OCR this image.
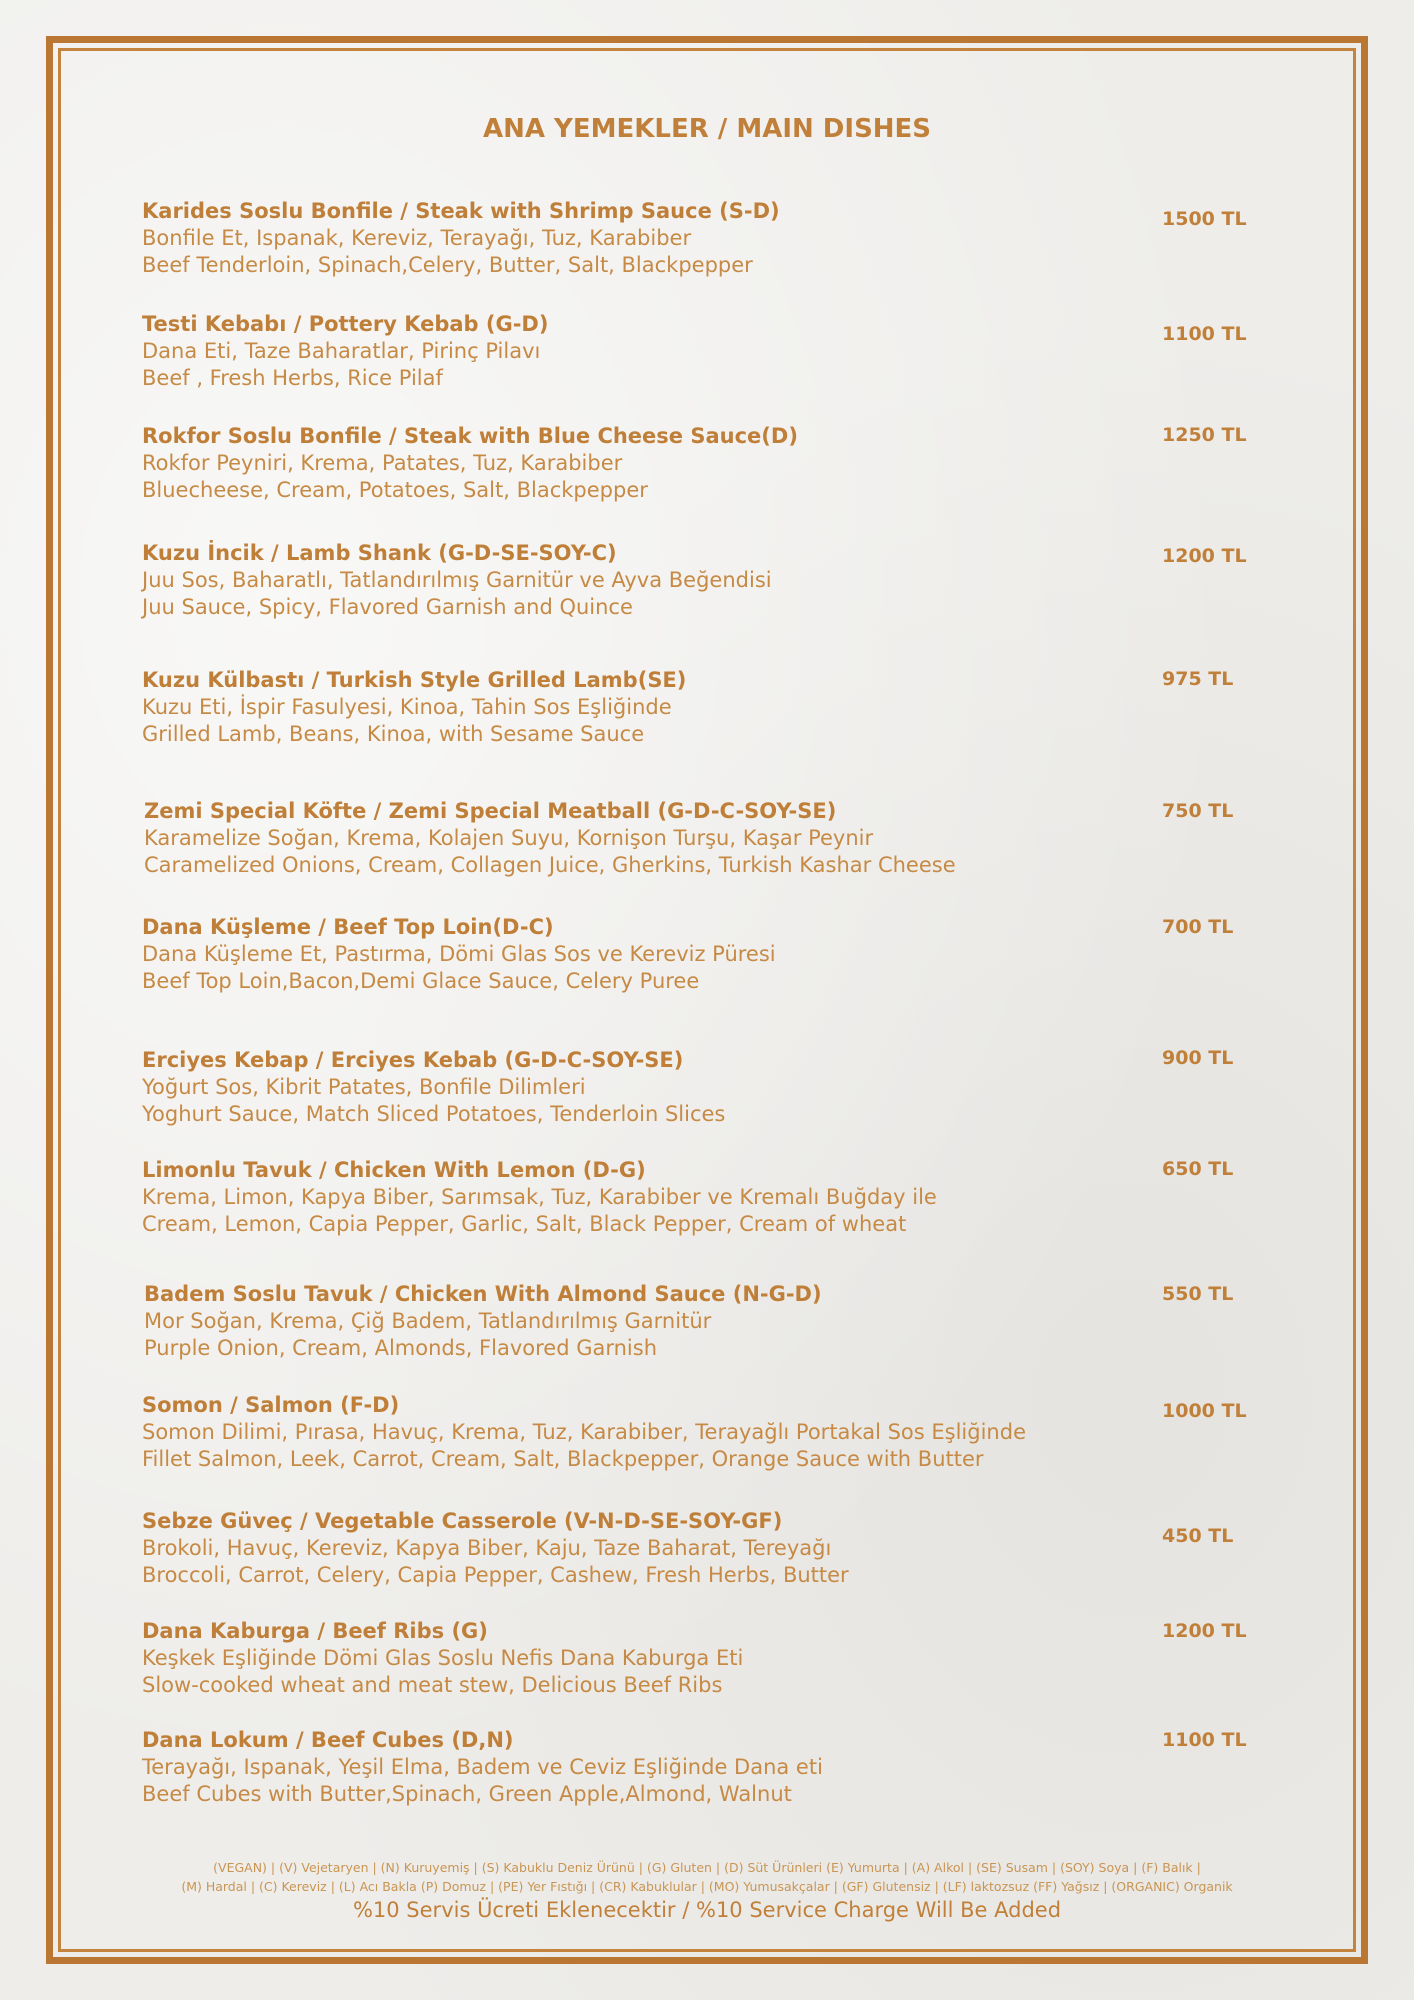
ANA YEMEKLER / MAIN DISHES
Karides Soslu Bonfile / Steak with Shrimp Sauce (S-D)
Bonfile Et, Ispanak, Kereviz, Terayağı, Tuz, Karabiber
Beef Tenderloin, Spinach,Celery, Butter, Salt, Blackpepper
1500 TL
Testi Kebabı / Pottery Kebab (G-D)
Dana Eti, Taze Baharatlar, Pirinç Pilavı
Beef , Fresh Herbs, Rice Pilaf
1100 TL
Rokfor Soslu Bonfile / Steak with Blue Cheese Sauce(D)
Rokfor Peyniri, Krema, Patates, Tuz, Karabiber
Bluecheese, Cream, Potatoes, Salt, Blackpepper
1250 TL
Kuzu İncik / Lamb Shank (G-D-SE-SOY-C)
Juu Sos, Baharatlı, Tatlandırılmış Garnitür ve Ayva Beğendisi
Juu Sauce, Spicy, Flavored Garnish and Quince
1200 TL
Kuzu Külbastı / Turkish Style Grilled Lamb(SE)
Kuzu Eti, İspir Fasulyesi, Kinoa, Tahin Sos Eşliğinde
Grilled Lamb, Beans, Kinoa, with Sesame Sauce
975 TL
Zemi Special Köfte / Zemi Special Meatball (G-D-C-SOY-SE)
Karamelize Soğan, Krema, Kolajen Suyu, Kornişon Turşu, Kaşar Peynir
Caramelized Onions, Cream, Collagen Juice, Gherkins, Turkish Kashar Cheese
750 TL
Dana Küşleme / Beef Top Loin(D-C)
Dana Küşleme Et, Pastırma, Dömi Glas Sos ve Kereviz Püresi
Beef Top Loin,Bacon,Demi Glace Sauce, Celery Puree
700 TL
Erciyes Kebap / Erciyes Kebab (G-D-C-SOY-SE)
Yoğurt Sos, Kibrit Patates, Bonfile Dilimleri
Yoghurt Sauce, Match Sliced Potatoes, Tenderloin Slices
900 TL
Limonlu Tavuk / Chicken With Lemon (D-G)
Krema, Limon, Kapya Biber, Sarımsak, Tuz, Karabiber ve Kremalı Buğday ile
Cream, Lemon, Capia Pepper, Garlic, Salt, Black Pepper, Cream of wheat
650 TL
Badem Soslu Tavuk / Chicken With Almond Sauce (N-G-D)
Mor Soğan, Krema, Çiğ Badem, Tatlandırılmış Garnitür
Purple Onion, Cream, Almonds, Flavored Garnish
550 TL
Somon / Salmon (F-D)
Somon Dilimi, Pırasa, Havuç, Krema, Tuz, Karabiber, Terayağlı Portakal Sos Eşliğinde
Fillet Salmon, Leek, Carrot, Cream, Salt, Blackpepper, Orange Sauce with Butter
1000 TL
Sebze Güveç / Vegetable Casserole (V-N-D-SE-SOY-GF)
Brokoli, Havuç, Kereviz, Kapya Biber, Kaju, Taze Baharat, Tereyağı
Broccoli, Carrot, Celery, Capia Pepper, Cashew, Fresh Herbs, Butter
450 TL
Dana Kaburga / Beef Ribs (G)
Keşkek Eşliğinde Dömi Glas Soslu Nefis Dana Kaburga Eti
Slow-cooked wheat and meat stew, Delicious Beef Ribs
1200 TL
Dana Lokum / Beef Cubes (D,N)
Terayağı, Ispanak, Yeşil Elma, Badem ve Ceviz Eşliğinde Dana eti
Beef Cubes with Butter,Spinach, Green Apple,Almond, Walnut
1100 TL
(VEGAN) | (V) Vejetaryen | (N) Kuruyemiş | (S) Kabuklu Deniz Ürünü | (G) Gluten | (D) Süt Ürünleri (E) Yumurta | (A) Alkol | (SE) Susam | (SOY) Soya | (F) Balık |
(M) Hardal | (C) Kereviz | (L) Acı Bakla (P) Domuz | (PE) Yer Fıstığı | (CR) Kabuklular | (MO) Yumusakçalar | (GF) Glutensiz | (LF) laktozsuz (FF) Yağsız | (ORGANIC) Organik
%10 Servis Ücreti Eklenecektir / %10 Service Charge Will Be Added
